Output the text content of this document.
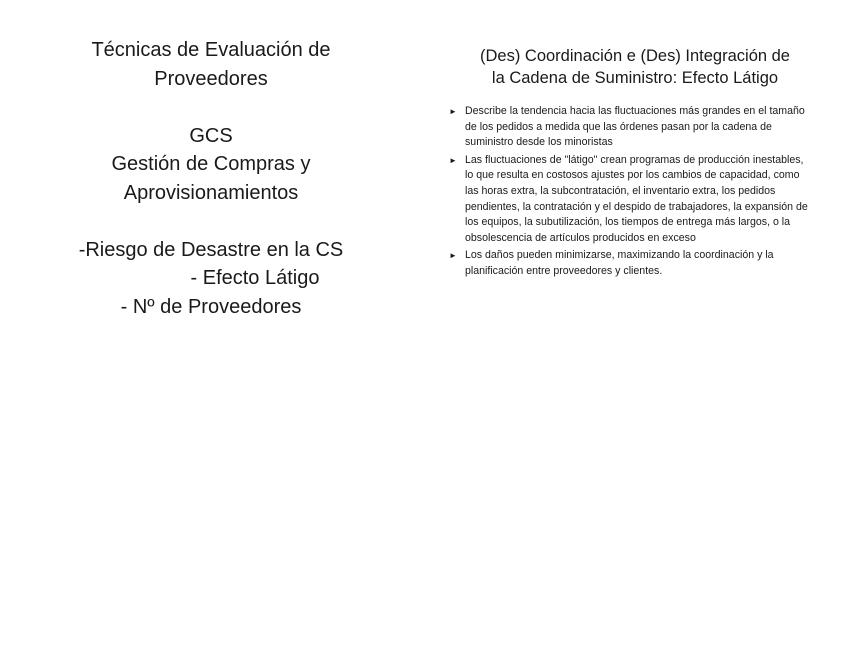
Técnicas de Evaluación de
Proveedores
GCS
Gestión de Compras y
Aprovisionamientos
-Riesgo de Desastre en la CS
- Efecto Látigo
- Nº de Proveedores
(Des) Coordinación e (Des) Integración de
la Cadena de Suministro: Efecto Látigo
► Describe la tendencia hacia las fluctuaciones más grandes en el tamaño de los pedidos a medida que las órdenes pasan por la cadena de suministro desde los minoristas
► Las fluctuaciones de "látigo" crean programas de producción inestables, lo que resulta en costosos ajustes por los cambios de capacidad, como las horas extra, la subcontratación, el inventario extra, los pedidos pendientes, la contratación y el despido de trabajadores, la expansión de los equipos, la subutilización, los tiempos de entrega más largos, o la obsolescencia de artículos producidos en exceso
► Los daños pueden minimizarse, maximizando la coordinación y la planificación entre proveedores y clientes.
